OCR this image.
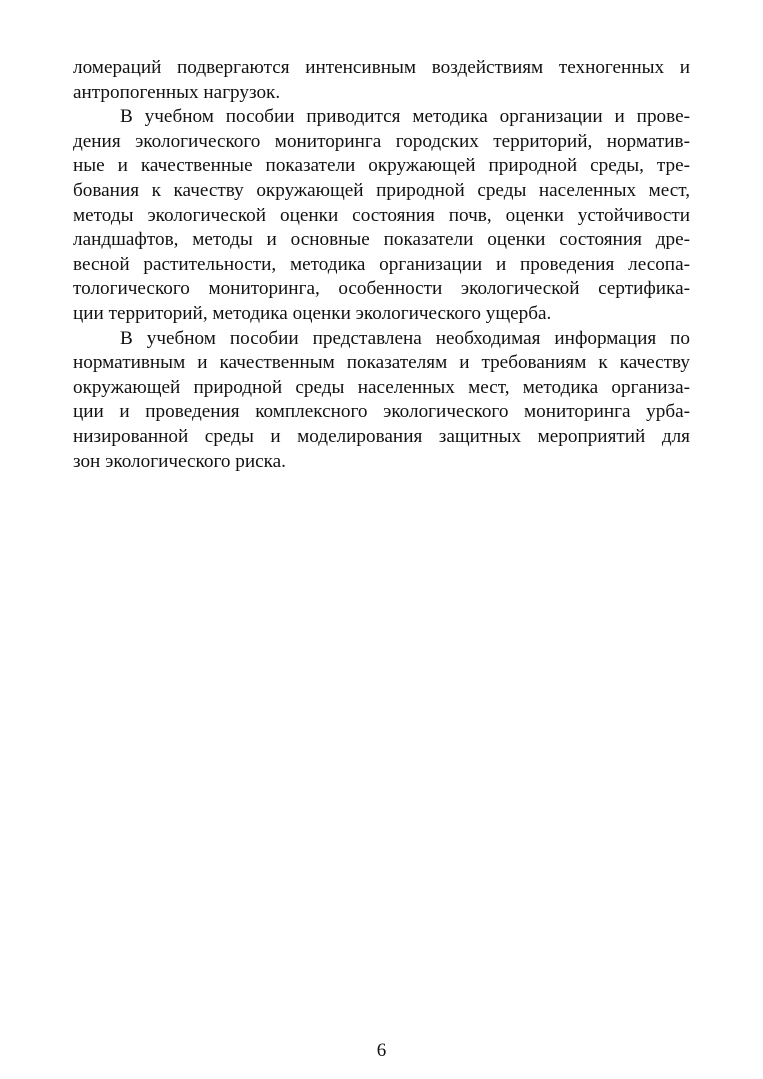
ломераций подвергаются интенсивным воздействиям техногенных и
антропогенных нагрузок.
В учебном пособии приводится методика организации и прове-
дения экологического мониторинга городских территорий, норматив-
ные и качественные показатели окружающей природной среды, тре-
бования к качеству окружающей природной среды населенных мест,
методы экологической оценки состояния почв, оценки устойчивости
ландшафтов, методы и основные показатели оценки состояния дре-
весной растительности, методика организации и проведения лесопа-
тологического мониторинга, особенности экологической сертифика-
ции территорий, методика оценки экологического ущерба.
В учебном пособии представлена необходимая информация по
нормативным и качественным показателям и требованиям к качеству
окружающей природной среды населенных мест, методика организа-
ции и проведения комплексного экологического мониторинга урба-
низированной среды и моделирования защитных мероприятий для
зон экологического риска.
6
